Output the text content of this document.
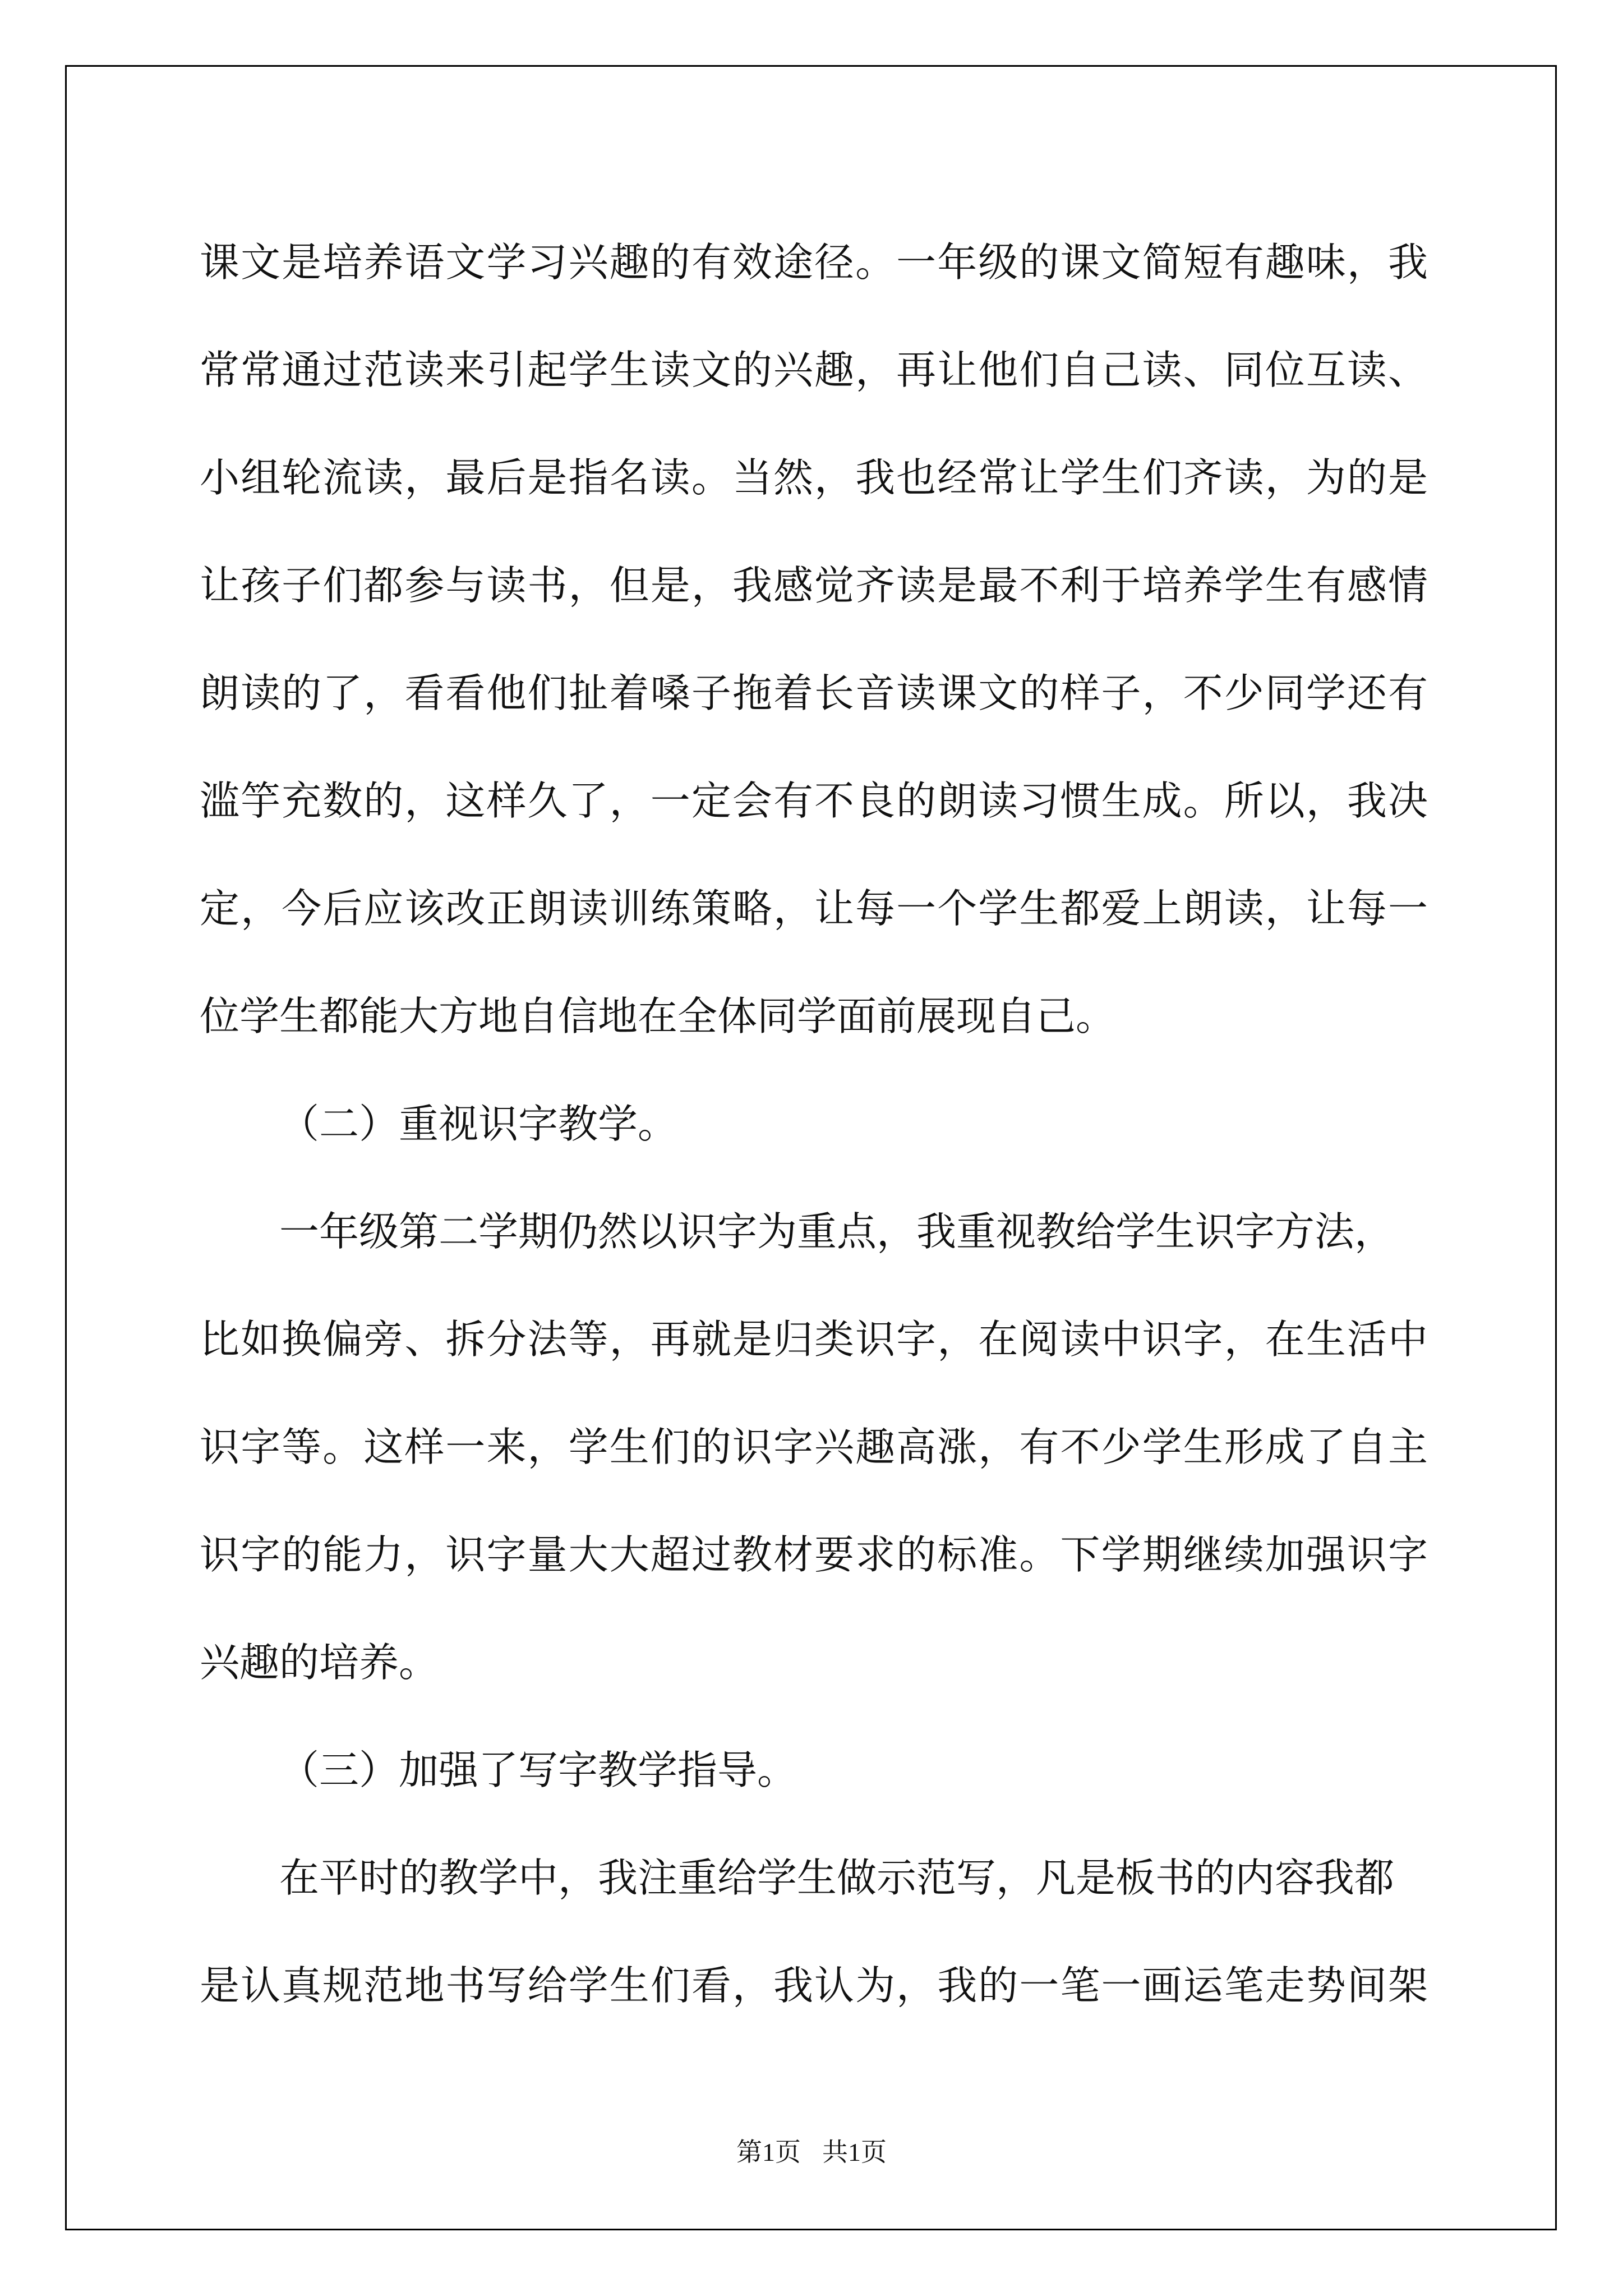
课文是培养语文学习兴趣的有效途径。一年级的课文简短有趣味，我
常常通过范读来引起学生读文的兴趣，再让他们自己读、同位互读、
小组轮流读，最后是指名读。当然，我也经常让学生们齐读，为的是
让孩子们都参与读书，但是，我感觉齐读是最不利于培养学生有感情
朗读的了，看看他们扯着嗓子拖着长音读课文的样子，不少同学还有
滥竽充数的，这样久了，一定会有不良的朗读习惯生成。所以，我决
定，今后应该改正朗读训练策略，让每一个学生都爱上朗读，让每一
位学生都能大方地自信地在全体同学面前展现自己。
（二）重视识字教学。
一年级第二学期仍然以识字为重点，我重视教给学生识字方法，
比如换偏旁、拆分法等，再就是归类识字，在阅读中识字，在生活中
识字等。这样一来，学生们的识字兴趣高涨，有不少学生形成了自主
识字的能力，识字量大大超过教材要求的标准。下学期继续加强识字
兴趣的培养。
（三）加强了写字教学指导。
在平时的教学中，我注重给学生做示范写，凡是板书的内容我都
是认真规范地书写给学生们看，我认为，我的一笔一画运笔走势间架
第1页 共1页
